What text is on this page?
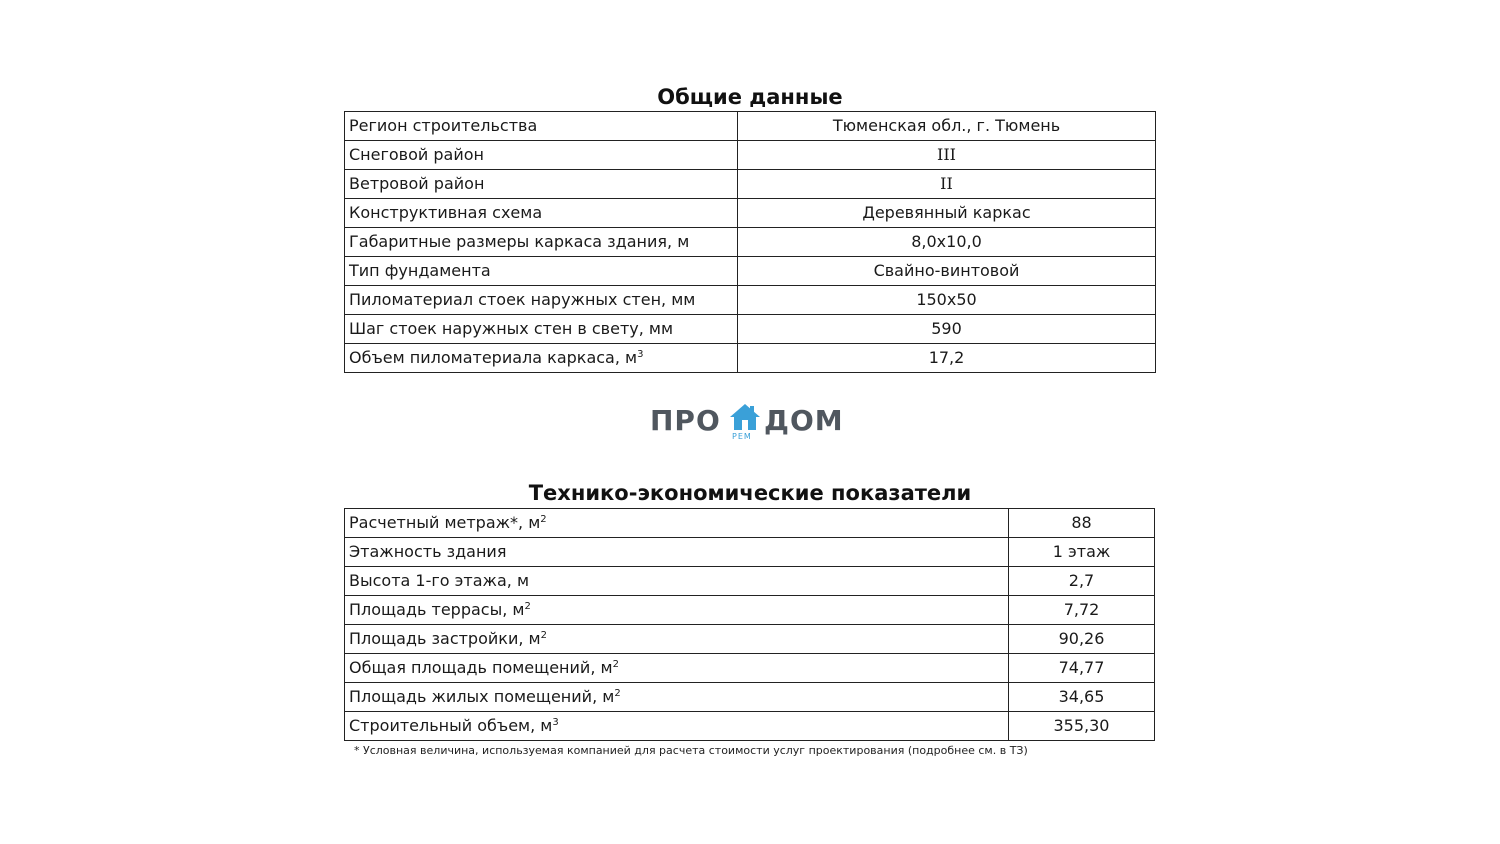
Общие данные
Регион строительства	Тюменская обл., г. Тюмень
Снеговой район	III
Ветровой район	II
Конструктивная схема	Деревянный каркас
Габаритные размеры каркаса здания, м	8,0x10,0
Тип фундамента	Свайно-винтовой
Пиломатериал стоек наружных стен, мм	150x50
Шаг стоек наружных стен в свету, мм	590
Объем пиломатериала каркаса, $м^3$	17,2
ПРО РЕМ ДОМ
Технико-экономические показатели
Расчетный метраж*, $м^2$	88
Этажность здания	1 этаж
Высота 1-го этажа, м	2,7
Площадь террасы, $м^2$	7,72
Площадь застройки, $м^2$	90,26
Общая площадь помещений, $м^2$	74,77
Площадь жилых помещений, $м^2$	34,65
Строительный объем, $м^3$	355,30
* Условная величина, используемая компанией для расчета стоимости услуг проектирования (подробнее см. в ТЗ)
